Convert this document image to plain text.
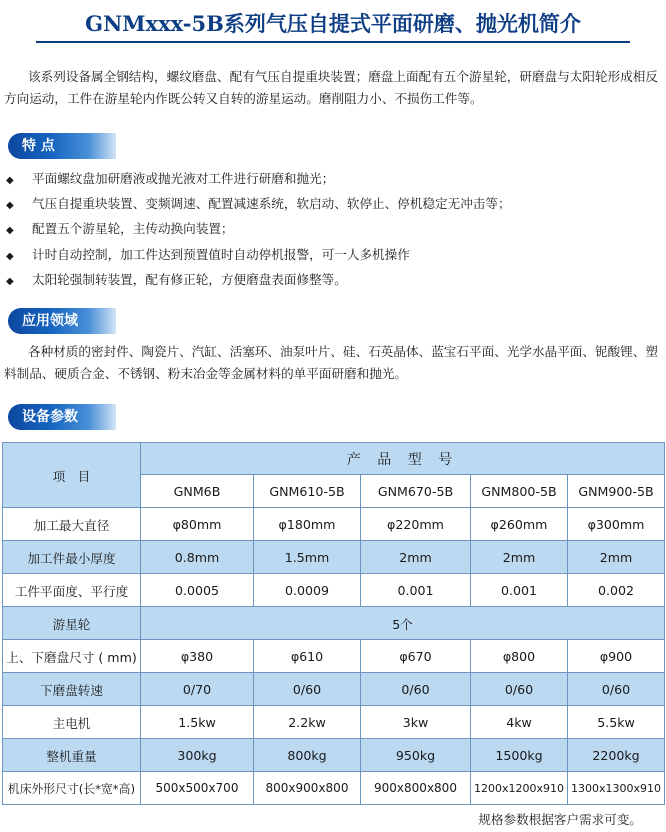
GNMxxx-5B系列气压自提式平面研磨、抛光机简介

该系列设备属全钢结构，螺纹磨盘、配有气压自提重块装置；磨盘上面配有五个游星轮，研磨盘与太阳轮形成相反方向运动，工件在游星轮内作既公转又自转的游星运动。磨削阻力小、不损伤工件等。

特 点
◆ 平面螺纹盘加研磨液或抛光液对工件进行研磨和抛光；
◆ 气压自提重块装置、变频调速、配置减速系统，软启动、软停止、停机稳定无冲击等；
◆ 配置五个游星轮，主传动换向装置；
◆ 计时自动控制，加工件达到预置值时自动停机报警，可一人多机操作
◆ 太阳轮强制转装置，配有修正轮，方便磨盘表面修整等。
应用领域

各种材质的密封件、陶瓷片、汽缸、活塞环、油泵叶片、硅、石英晶体、蓝宝石平面、光学水晶平面、铌酸锂、塑料制品、硬质合金、不锈钢、粉末冶金等金属材料的单平面研磨和抛光。

设备参数
项　目	产 品 型 号				
	GNM6B	GNM610-5B	GNM670-5B	GNM800-5B	GNM900-5B
加工最大直径	φ80mm	φ180mm	φ220mm	φ260mm	φ300mm
加工件最小厚度	0.8mm	1.5mm	2mm	2mm	2mm
工件平面度、平行度	0.0005	0.0009	0.001	0.001	0.002
游星轮	5个				
上、下磨盘尺寸 ( mm)	φ380	φ610	φ670	φ800	φ900
下磨盘转速	0/70	0/60	0/60	0/60	0/60
主电机	1.5kw	2.2kw	3kw	4kw	5.5kw
整机重量	300kg	800kg	950kg	1500kg	2200kg
机床外形尺寸(长*宽*高)	500x500x700	800x900x800	900x800x800	1200x1200x910	1300x1300x910
规格参数根据客户需求可变。
